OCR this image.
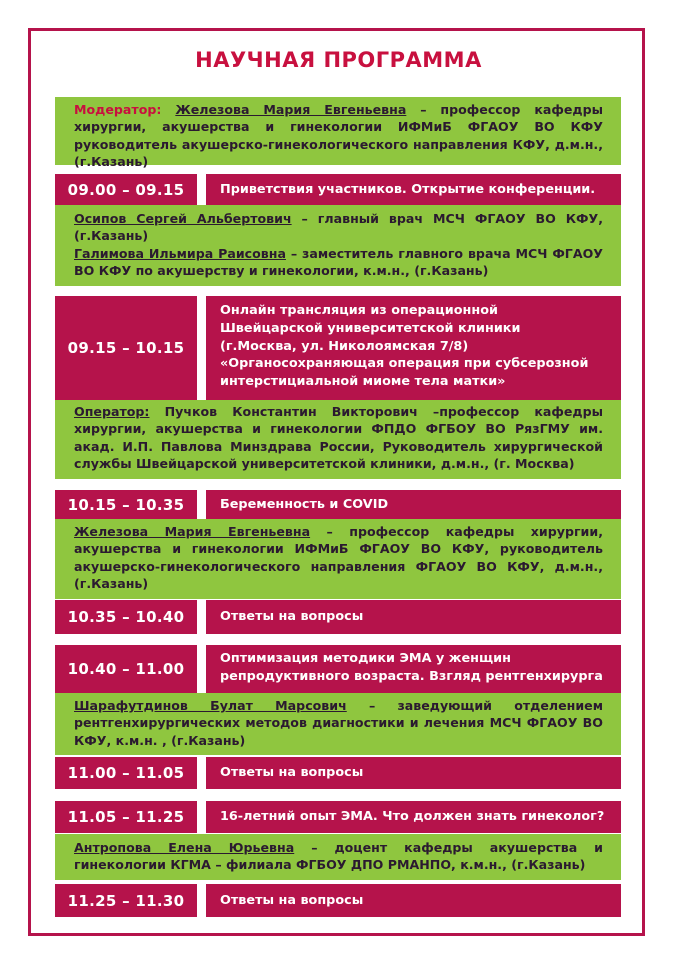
НАУЧНАЯ ПРОГРАММА

Модератор: Железова Мария Евгеньевна – профессор кафедры хирургии, акушерства и гинекологии ИФМиБ ФГАОУ ВО КФУ руководитель акушерско-гинекологического направления КФУ, д.м.н., (г.Казань)

09.00 – 09.15	Приветствия участников. Открытие конференции.

Осипов Сергей Альбертович – главный врач МСЧ ФГАОУ ВО КФУ, (г.Казань)

Галимова Ильмира Раисовна – заместитель главного врача МСЧ ФГАОУ ВО КФУ по акушерству и гинекологии, к.м.н., (г.Казань)

09.15 – 10.15
Онлайн трансляция из операционной
Швейцарской университетской клиники
(г.Москва, ул. Николоямская 7/8)
«Органосохраняющая операция при субсерозной
интерстициальной миоме тела матки»

Оператор: Пучков Константин Викторович –профессор кафедры хирургии, акушерства и гинекологии ФПДО ФГБОУ ВО РязГМУ им. акад. И.П. Павлова Минздрава России, Руководитель хирургической службы Швейцарской университетской клиники, д.м.н., (г. Москва)

10.15 – 10.35	Беременность и COVID

Железова Мария Евгеньевна – профессор кафедры хирургии, акушерства и гинекологии ИФМиБ ФГАОУ ВО КФУ, руководитель акушерско-гинекологического направления ФГАОУ ВО КФУ, д.м.н., (г.Казань)

10.35 – 10.40	Ответы на вопросы
10.40 – 11.00
Оптимизация методики ЭМА у женщин
репродуктивного возраста. Взгляд рентгенхирурга

Шарафутдинов Булат Марсович – заведующий отделением рентгенхирургических методов диагностики и лечения МСЧ ФГАОУ ВО КФУ, к.м.н. , (г.Казань)

11.00 – 11.05	Ответы на вопросы
11.05 – 11.25	16-летний опыт ЭМА. Что должен знать гинеколог?

Антропова Елена Юрьевна – доцент кафедры акушерства и гинекологии КГМА – филиала ФГБОУ ДПО РМАНПО, к.м.н., (г.Казань)

11.25 – 11.30	Ответы на вопросы
